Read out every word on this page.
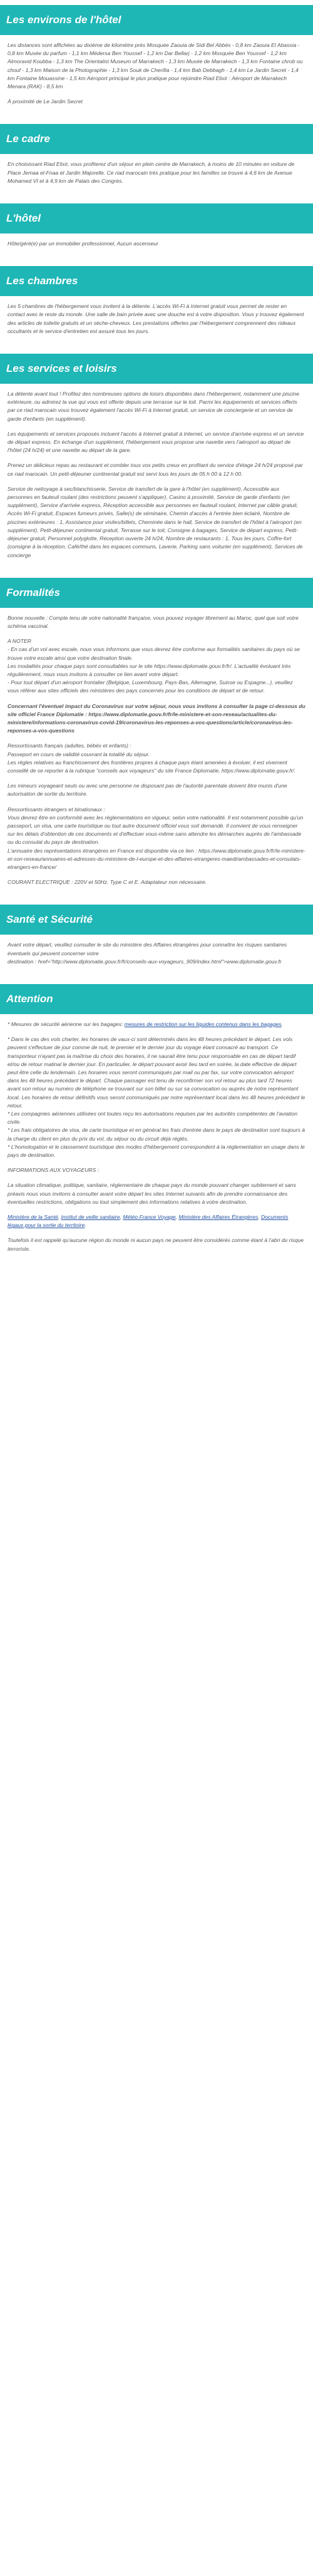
Les environs de l'hôtel

Les distances sont affichées au dixième de kilomètre près Mosquée Zaouia de Sidi Bel Abbès - 0,8 km Zaouia El Abassia - 0,8 km Musée du parfum - 1,1 km Médersa Ben Youssef - 1,2 km Dar Bellarj - 1,2 km Mosquée Ben Youssef - 1,2 km Almoravid Koubba - 1,3 km The Orientalist Museum of Marrakech - 1,3 km Musée de Marrakech - 1,3 km Fontaine chrob ou chouf - 1,3 km Maison de la Photographie - 1,3 km Souk de Cherifia - 1,4 km Bab Debbagh - 1,4 km Le Jardin Secret - 1,4 km Fontaine Mouassine - 1,5 km Aéroport principal le plus pratique pour rejoindre Riad Elixir : Aéroport de Marrakech Menara (RAK) - 8,5 km

À proximité de Le Jardin Secret

Le cadre

En choisissant Riad Elixir, vous profiterez d'un séjour en plein centre de Marrakech, à moins de 10 minutes en voiture de Place Jemaa el-Fnaa et Jardin Majorelle. Ce riad marocain très pratique pour les familles se trouve à 4,6 km de Avenue Mohamed VI et à 4,9 km de Palais des Congrès.

L'hôtel

Hôte/géré(e) par un immobilier professionnel, Aucun ascenseur

Les chambres

Les 5 chambres de l'hébergement vous invitent à la détente. L'accès Wi-Fi à Internet gratuit vous permet de rester en contact avec le reste du monde. Une salle de bain privée avec une douche est à votre disposition. Vous y trouvez également des articles de toilette gratuits et un sèche-cheveux. Les prestations offertes par l'hébergement comprennent des rideaux occultants et le service d'entretien est assuré tous les jours.

Les services et loisirs

La détente avant tout ! Profitez des nombreuses options de loisirs disponibles dans l'hébergement, notamment une piscine extérieure, ou admirez la vue qui vous est offerte depuis une terrasse sur le toit. Parmi les équipements et services offerts par ce riad marocain vous trouvez également l'accès Wi-Fi à Internet gratuit, un service de conciergerie et un service de garde d'enfants (en supplément).

Les équipements et services proposés incluent l'accès à Internet gratuit à Internet, un service d'arrivée express et un service de départ express. En échange d'un supplément, l'hébergement vous propose une navette vers l'aéroport au départ de l'hôtel (24 h/24) et une navette au départ de la gare.

Prenez un délicieux repas au restaurant et combler tous vos petits creux en profitant du service d'étage 24 h/24 proposé par ce riad marocain. Un petit-déjeuner continental gratuit est servi tous les jours de 05 h 00 à 12 h 00.

Service de nettoyage à sec/blanchisserie, Service de transfert de la gare à l'hôtel (en supplément), Accessible aux personnes en fauteuil roulant (des restrictions peuvent s'appliquer), Casino à proximité, Service de garde d'enfants (en supplément), Service d'arrivée express, Réception accessible aux personnes en fauteuil roulant, Internet par câble gratuit, Accès Wi-Fi gratuit, Espaces fumeurs privés, Salle(s) de séminaire, Chemin d'accès à l'entrée bien éclairé, Nombre de piscines extérieures : 1, Assistance pour visites/billets, Cheminée dans le hall, Service de transfert de l'hôtel à l'aéroport (en supplément), Petit-déjeuner continental gratuit, Terrasse sur le toit, Consigne à bagages, Service de départ express, Petit-déjeuner gratuit, Personnel polyglotte, Réception ouverte 24 h/24, Nombre de restaurants : 1, Tous les jours, Coffre-fort (consigne à la réception, Café/thé dans les espaces communs, Laverie, Parking sans voiturier (en supplément), Services de concierge

Formalités

Bonne nouvelle : Compte tenu de votre nationalité française, vous pouvez voyager librement au Maroc, quel que soit votre schéma vaccinal.

A NOTER
- En cas d'un vol avec escale, nous vous informons que vous devrez être conforme aux formalités sanitaires du pays où se trouve votre escale ainsi que votre destination finale.
Les modalités pour chaque pays sont consultables sur le site https://www.diplomatie.gouv.fr/fr/. L'actualité évoluant très régulièrement, nous vous invitons à consulter ce lien avant votre départ.
- Pour tout départ d'un aéroport frontalier (Belgique, Luxembourg, Pays-Bas, Allemagne, Suisse ou Espagne...), veuillez vous référer aux sites officiels des ministères des pays concernés pour les conditions de départ et de retour.

Concernant l'éventuel impact du Coronavirus sur votre séjour, nous vous invitons à consulter la page ci-dessous du site officiel France Diplomatie : https://www.diplomatie.gouv.fr/fr/le-ministere-et-son-reseau/actualites-du-ministere/informations-coronavirus-covid-19/coronavirus-les-reponses-a-vos-questions/article/coronavirus-les-reponses-a-vos-questions

Ressortissants français (adultes, bébés et enfants) :
Passeport en cours de validité couvrant la totalité du séjour.
Les règles relatives au franchissement des frontières propres à chaque pays étant amenées à évoluer, il est vivement conseillé de se reporter à la rubrique "conseils aux voyageurs" du site France Diplomatie, https://www.diplomatie.gouv.fr/.

Les mineurs voyageant seuls ou avec une personne ne disposant pas de l'autorité parentale doivent être munis d'une autorisation de sortie du territoire.

Ressortissants étrangers et binationaux :
Vous devrez être en conformité avec les réglementations en vigueur, selon votre nationalité. Il est notamment possible qu'un passeport, un visa, une carte touristique ou tout autre document officiel vous soit demandé. Il convient de vous renseigner sur les délais d'obtention de ces documents et d'effectuer vous-même sans attendre les démarches auprès de l'ambassade ou du consulat du pays de destination.
L'annuaire des représentations étrangères en France est disponible via ce lien : https://www.diplomatie.gouv.fr/fr/le-ministere-et-son-reseau/annuaires-et-adresses-du-ministere-de-l-europe-et-des-affaires-etrangeres-maedi/ambassades-et-consulats-etrangers-en-france/

COURANT ELECTRIQUE : 220V et 50Hz. Type C et E. Adaptateur non nécessaire.

Santé et Sécurité

Avant votre départ, veuillez consulter le site du ministère des Affaires étrangères pour connaître les risques sanitaires éventuels qui peuvent concerner votre
destination : href="http://www.diplomatie.gouv.fr/fr/conseils-aux-voyageurs_909/index.html">www.diplomatie.gouv.fr

Attention

* Mesures de sécurité aérienne sur les bagages: mesures de restriction sur les liquides contenus dans les bagages.

* Dans le cas des vols charter, les horaires de vaux-ci sont déterminés dans les 48 heures précédant le départ. Les vols peuvent s'effectuer de jour comme de nuit, le premier et le dernier jour du voyage étant consacré au transport. Ce transporteur n'ayant pas la maîtrise du choix des horaires, il ne saurait être tenu pour responsable en cas de départ tardif et/ou de retour matinal le dernier jour. En particulier, le départ pouvant avoir lieu tard en soirée, la date effective de départ peut être celle du lendemain. Les horaires vous seront communiqués par mail ou par fax, sur votre convocation aéroport dans les 48 heures précédant le départ. Chaque passager est tenu de reconfirmer son vol retour au plus tard 72 heures avant son retour au numéro de téléphone se trouvant sur son billet ou sur sa convocation ou auprès de notre représentant local. Les horaires de retour définitifs vous seront communiqués par notre représentant local dans les 48 heures précédant le retour.
* Les compagnies aériennes utilisées ont toutes reçu les autorisations requises par les autorités compétentes de l'aviation civile.
* Les frais obligatoires de visa, de carte touristique et en général les frais d'entrée dans le pays de destination sont toujours à la charge du client en plus du prix du vol, du séjour ou du circuit déjà réglés.
* L'homologation et le classement touristique des modes d'hébergement correspondent à la réglementation en usage dans le pays de destination.

INFORMATIONS AUX VOYAGEURS :

La situation climatique, politique, sanitaire, réglementaire de chaque pays du monde pouvant changer subitement et sans préavis nous vous invitons à consulter avant votre départ les sites Internet suivants afin de prendre connaissance des éventuelles restrictions, obligations ou tout simplement des informations relatives à votre destination.

Ministère de la Santé, Institut de veille sanitaire, Météo France Voyage, Ministère des Affaires Étrangères, Documents légaux pour la sortie du territoire.

Toutefois il est rappelé qu'aucune région du monde ni aucun pays ne peuvent être considérés comme étant à l'abri du risque terroriste.
